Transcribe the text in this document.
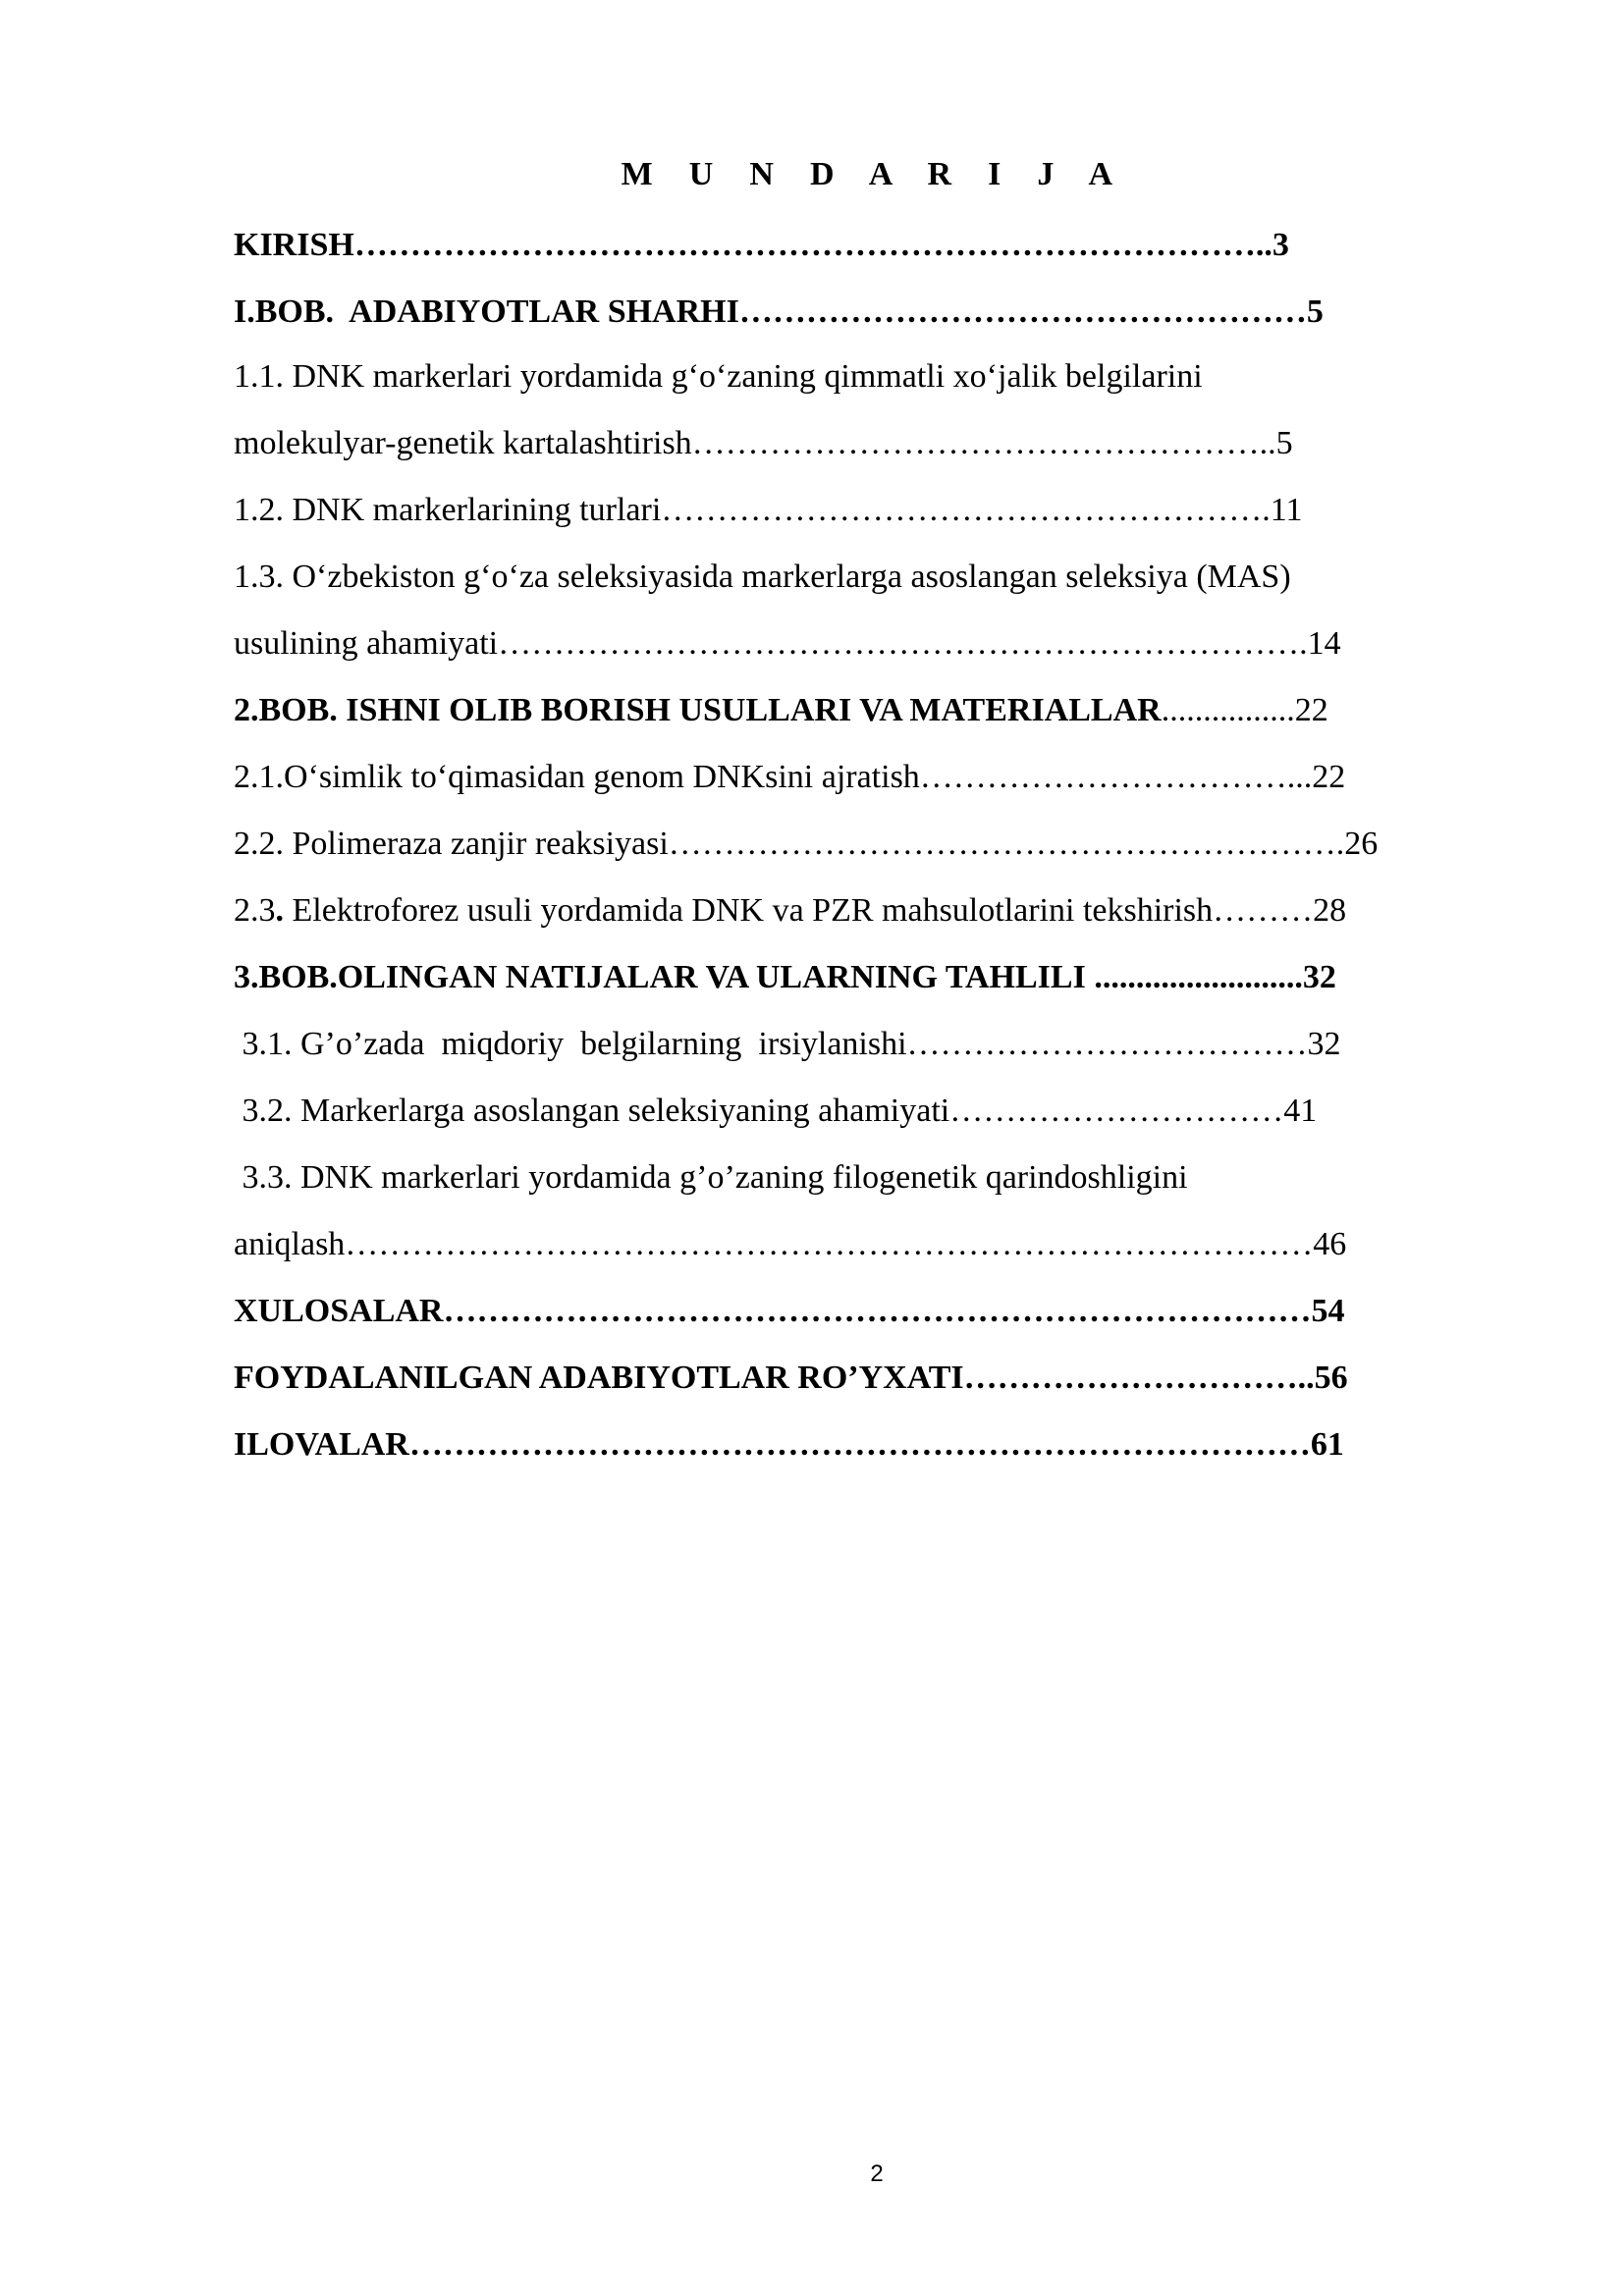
M U N D A R I J A
KIRISH………………………………………………………………………..3
I.BOB.  ADABIYOTLAR SHARHI……………………………………………5
1.1. DNK markerlari yordamida g‘o‘zaning qimmatli xo‘jalik belgilarini
molekulyar-genetik kartalashtirish……………………………………………..5
1.2. DNK markerlarining turlari……………………………………………….11
1.3. O‘zbekiston g‘o‘za seleksiyasida markerlarga asoslangan seleksiya (MAS)
usulining ahamiyati……………………………………………………………….14
2.BOB. ISHNI OLIB BORISH USULLARI VA MATERIALLAR................22
2.1.O‘simlik to‘qimasidan genom DNKsini ajratish……………………………...22
2.2. Polimeraza zanjir reaksiyasi…………………………………………………….26
2.3. Elektroforez usuli yordamida DNK va PZR mahsulotlarini tekshirish………28
3.BOB.OLINGAN NATIJALAR VA ULARNING TAHLILI .........................32
3.1. G’o’zada  miqdoriy  belgilarning  irsiylanishi………………………………32
3.2. Markerlarga asoslangan seleksiyaning ahamiyati…………………………41
3.3. DNK markerlari yordamida g’o’zaning filogenetik qarindoshligini
aniqlash……………………………………………………………………………46
XULOSALAR……………………………………………………………………54
FOYDALANILGAN ADABIYOTLAR RO’YXATI…………………………..56
ILOVALAR………………………………………………………………………61
2
